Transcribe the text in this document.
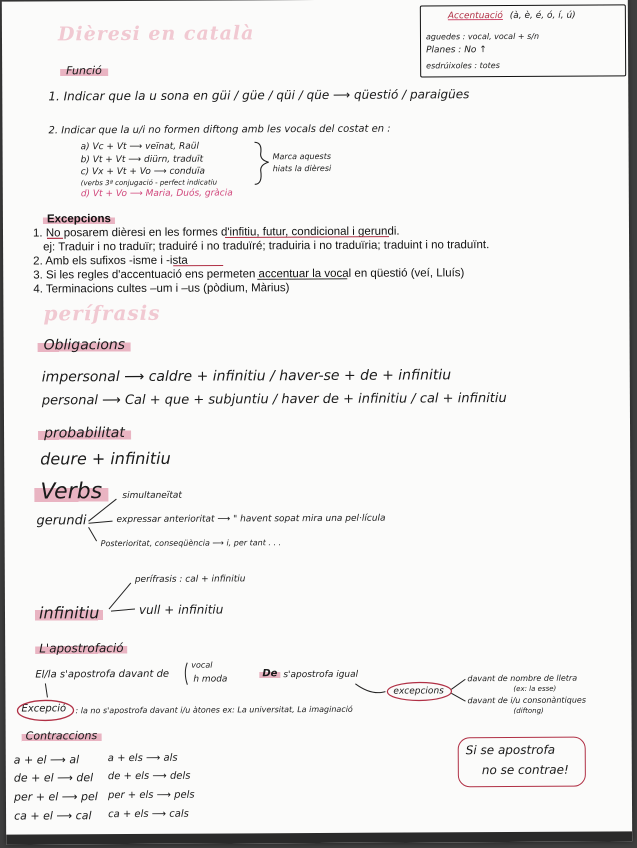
Dièresi en català
perífrasis
Accentuació (à, è, é, ó, í, ú)
aguedes : vocal, vocal + s/n
Planes : No ↑
esdrúixoles : totes
Funció
1. Indicar que la u sona en güi / güe / qüi / qüe ⟶ qüestió / paraigües
2. Indicar que la u/i no formen diftong amb les vocals del costat en :
a) Vc + Vt ⟶ veïnat, Raül
b) Vt + Vt ⟶ diürn, traduït
c) Vx + Vt + Vo ⟶ conduïa
(verbs 3ª conjugació - perfect indicatiu
d) Vt + Vo ⟶ Maria, Duós, gràcia
Marca aquests
hiats la dièresi
Excepcions
1. No posarem dièresi en les formes d'infitiu, futur, condicional i gerundi.
ej: Traduir i no traduïr; traduiré i no traduïré; traduiria i no traduïria; traduint i no traduïnt.
2. Amb els sufixos -isme i -ista
3. Si les regles d'accentuació ens permeten accentuar la vocal en qüestió (veí, Lluís)
4. Terminacions cultes –um i –us (pòdium, Màrius)
Obligacions
impersonal ⟶ caldre + infinitiu / haver-se + de + infinitiu
personal ⟶ Cal + que + subjuntiu / haver de + infinitiu / cal + infinitiu
probabilitat
deure + infinitiu
Verbs
gerundi
simultaneïtat
expressar anterioritat ⟶ " havent sopat mira una pel·lícula
Posterioritat, conseqüència ⟶ i, per tant . . .
infinitiu
perífrasis : cal + infinitiu
vull + infinitiu
L'apostrofació
El/la s'apostrofa davant de
vocal
h moda
De s'apostrofa igual
excepcions
davant de nombre de lletra
(ex: la esse)
davant de i/u consonàntiques
(diftong)
Excepció : la no s'apostrofa davant i/u àtones ex: La universitat, La imaginació
Contraccions
a + el ⟶ al
de + el ⟶ del
per + el ⟶ pel
ca + el ⟶ cal
a + els ⟶ als
de + els ⟶ dels
per + els ⟶ pels
ca + els ⟶ cals
Si se apostrofa
no se contrae!
